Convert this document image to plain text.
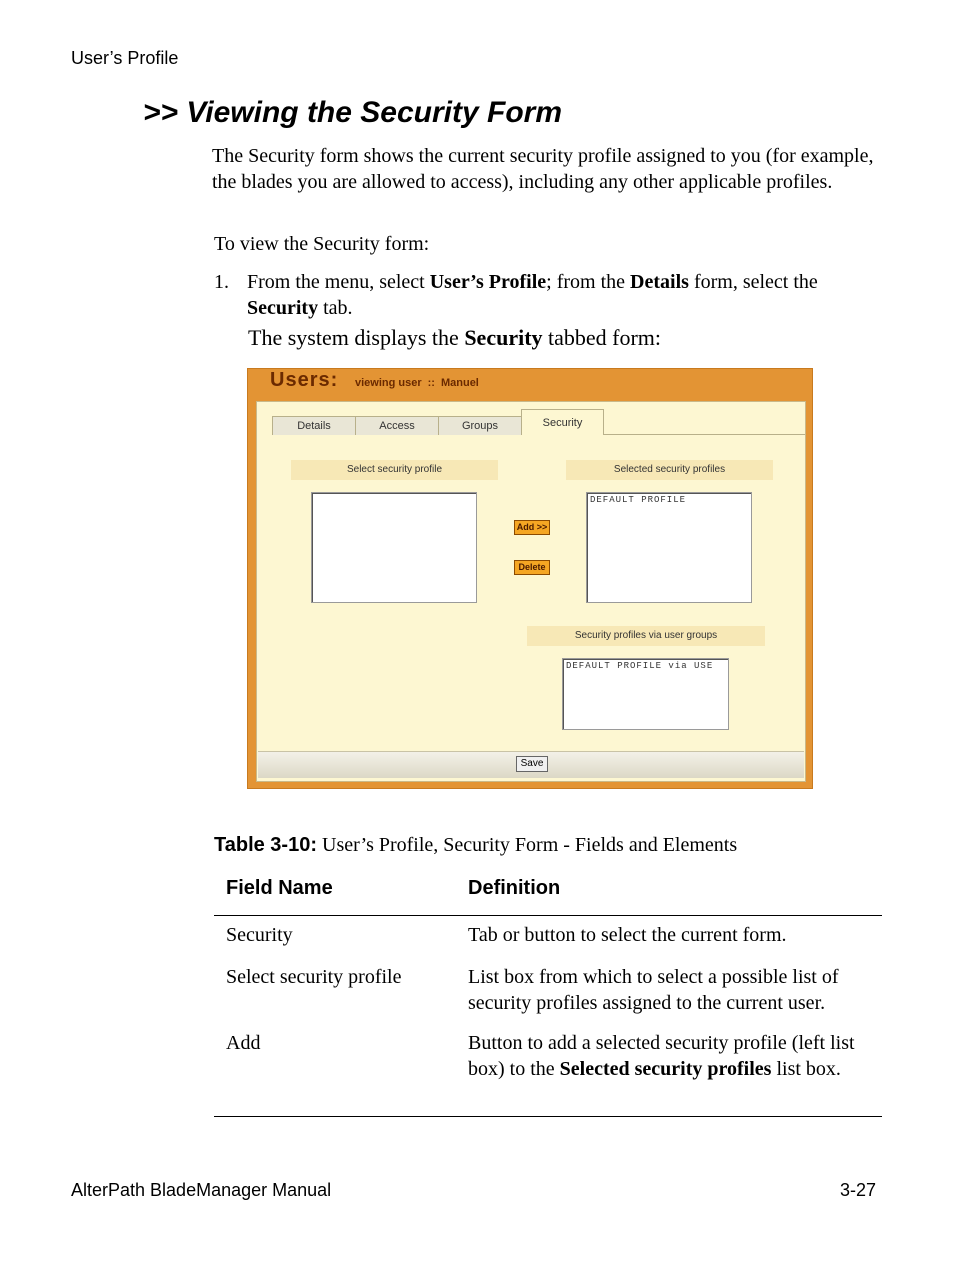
User’s Profile
>> Viewing the Security Form
The Security form shows the current security profile assigned to you (for example, the blades you are allowed to access), including any other applicable profiles.
To view the Security form:
1. From the menu, select User’s Profile; from the Details form, select the Security tab.
The system displays the Security tabbed form:
Users: viewing user :: Manuel
Details	Access	Groups	Security
Select security profile	Selected security profiles
DEFAULT PROFILE
Add >>
Delete
Security profiles via user groups
DEFAULT PROFILE via USE
Save
Table 3-10: User’s Profile, Security Form - Fields and Elements
Field Name	Definition
Security	Tab or button to select the current form.
Select security profile	List box from which to select a possible list of security profiles assigned to the current user.
Add	Button to add a selected security profile (left list box) to the Selected security profiles list box.
AlterPath BladeManager Manual	3-27
